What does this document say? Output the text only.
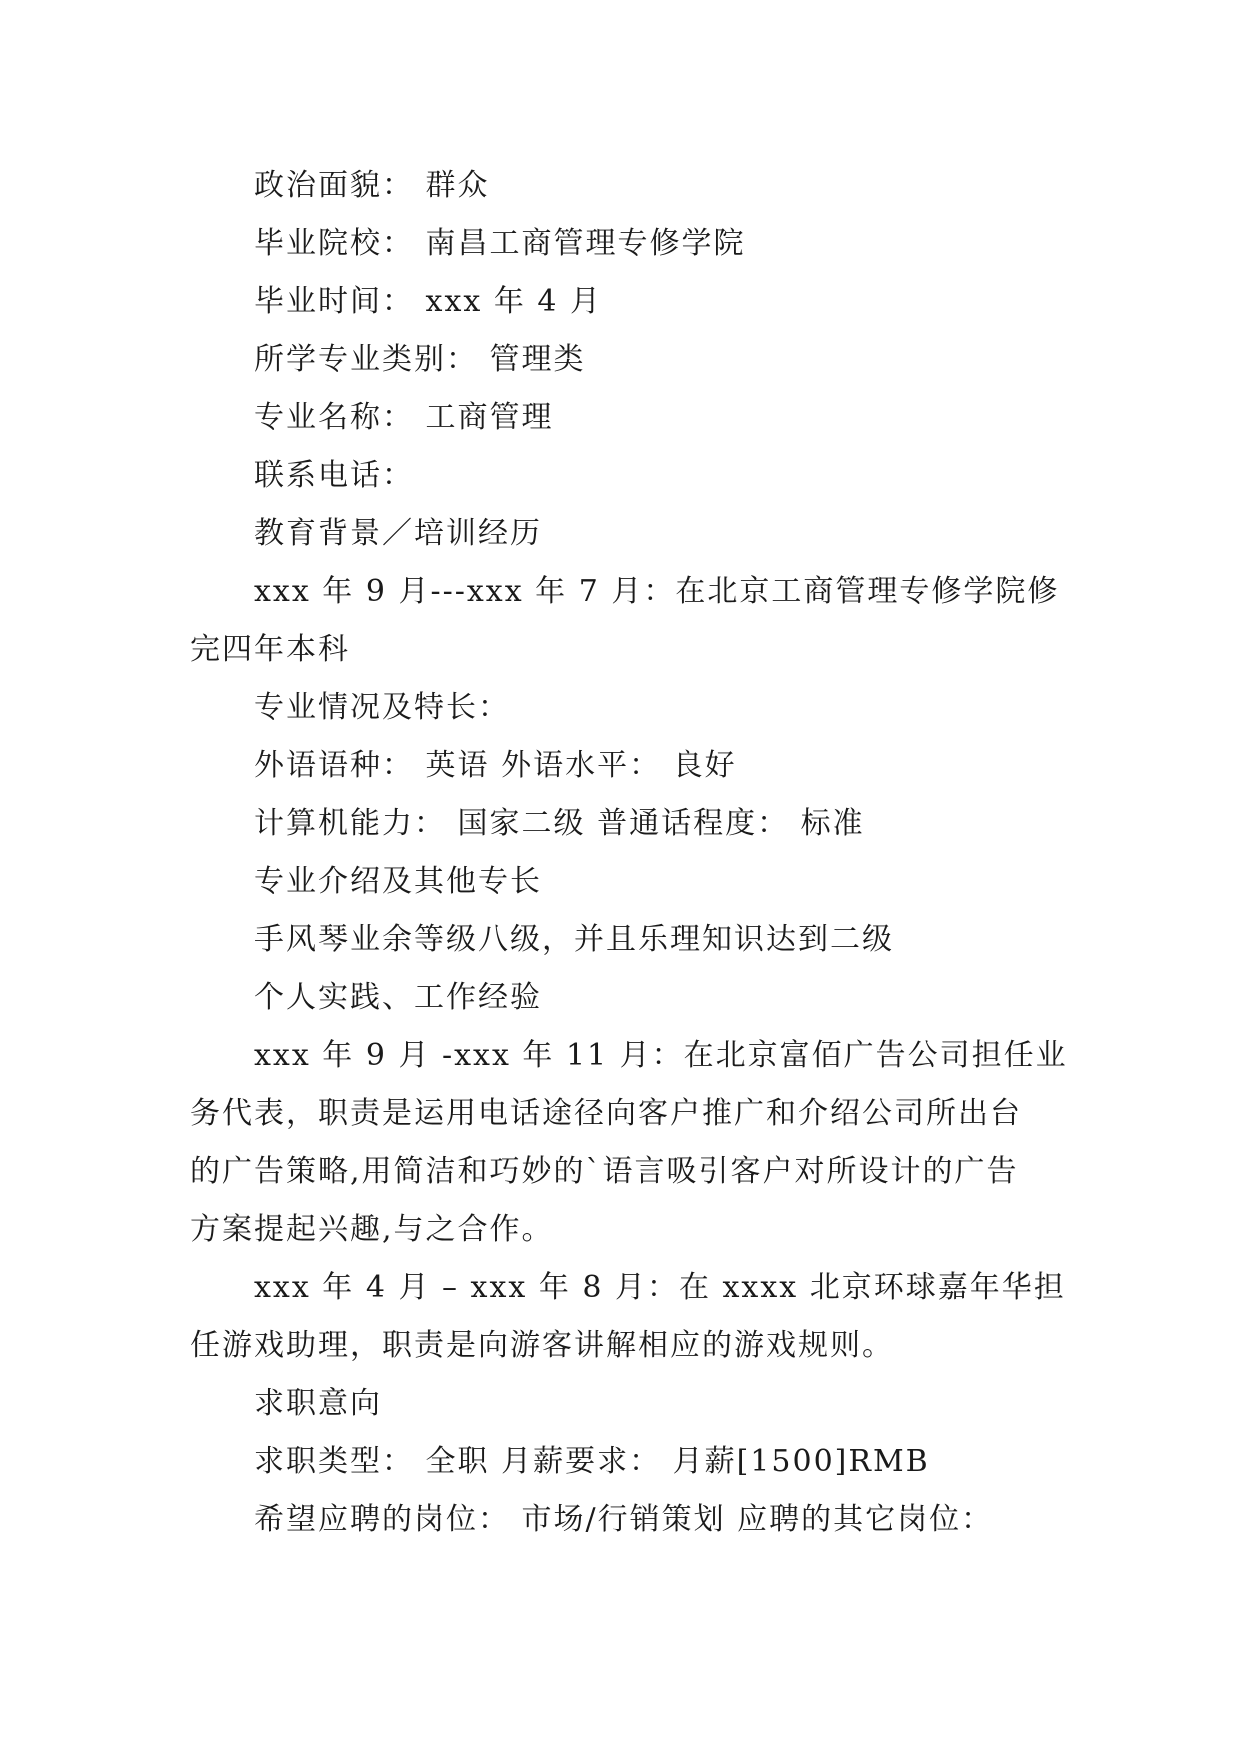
政治面貌： 群众
毕业院校： 南昌工商管理专修学院
毕业时间： xxx 年 4 月
所学专业类别： 管理类
专业名称： 工商管理
联系电话：
教育背景／培训经历
xxx 年 9 月---xxx 年 7 月：在北京工商管理专修学院修
完四年本科
专业情况及特长：
外语语种： 英语 外语水平： 良好
计算机能力： 国家二级 普通话程度： 标准
专业介绍及其他专长
手风琴业余等级八级，并且乐理知识达到二级
个人实践、工作经验
xxx 年 9 月 -xxx 年 11 月：在北京富佰广告公司担任业
务代表，职责是运用电话途径向客户推广和介绍公司所出台
的广告策略,用简洁和巧妙的`语言吸引客户对所设计的广告
方案提起兴趣,与之合作。
xxx 年 4 月 – xxx 年 8 月：在 xxxx 北京环球嘉年华担
任游戏助理，职责是向游客讲解相应的游戏规则。
求职意向
求职类型： 全职 月薪要求： 月薪[1500]RMB
希望应聘的岗位： 市场/行销策划 应聘的其它岗位：
